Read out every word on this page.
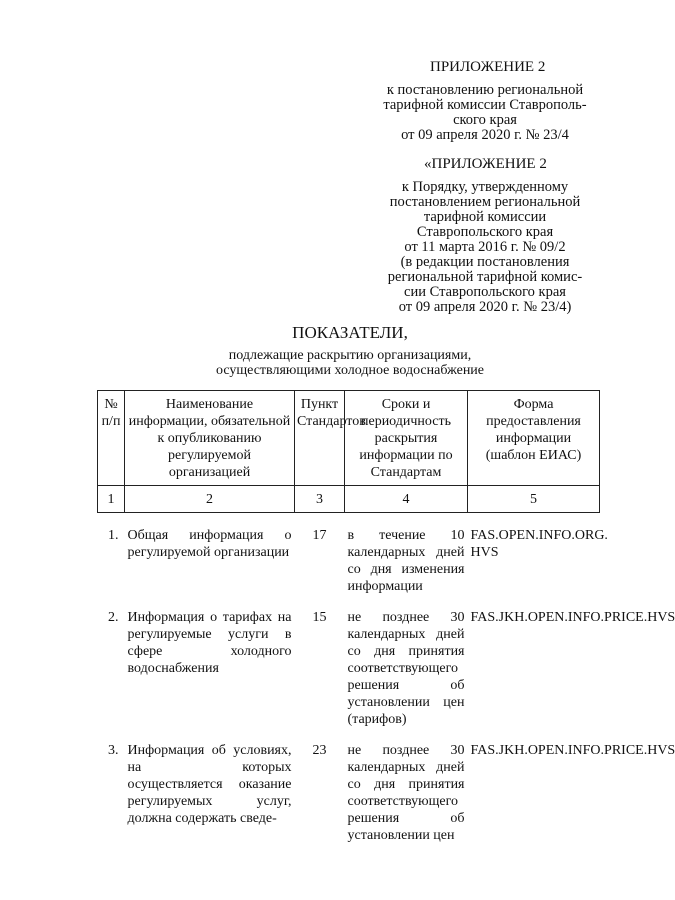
ПРИЛОЖЕНИЕ 2
к постановлению региональной
тарифной комиссии Ставрополь-
ского края
от 09 апреля 2020 г. № 23/4
«ПРИЛОЖЕНИЕ 2
к Порядку, утвержденному
постановлением региональной
тарифной комиссии
Ставропольского края
от 11 марта 2016 г. № 09/2
(в редакции постановления
региональной тарифной комис-
сии Ставропольского края
от 09 апреля 2020 г. № 23/4)
ПОКАЗАТЕЛИ,
подлежащие раскрытию организациями,
осуществляющими холодное водоснабжение
№ п/п	Наименование информации, обязательной к опубликованию регулируемой организацией	Пункт Стандартов	Сроки и периодичность раскрытия информации по Стандартам	Форма предоставления информации (шаблон ЕИАС)
1	2	3	4	5
1.	Общая информация о регулируемой организации	17	в течение 10 календарных дней со дня изменения информации	FAS.OPEN.INFO.ORG. HVS
2.	Информация о тарифах на регулируемые услуги в сфере холодного водоснабжения	15	не позднее 30 календарных дней со дня принятия соответствующего решения об установлении цен (тарифов)	FAS.JKH.OPEN.INFO.PRICE.HVS
3.	Информация об условиях, на которых осуществляется оказание регулируемых услуг, должна содержать сведе-	23	не позднее 30 календарных дней со дня принятия соответствующего решения об установлении цен	FAS.JKH.OPEN.INFO.PRICE.HVS
